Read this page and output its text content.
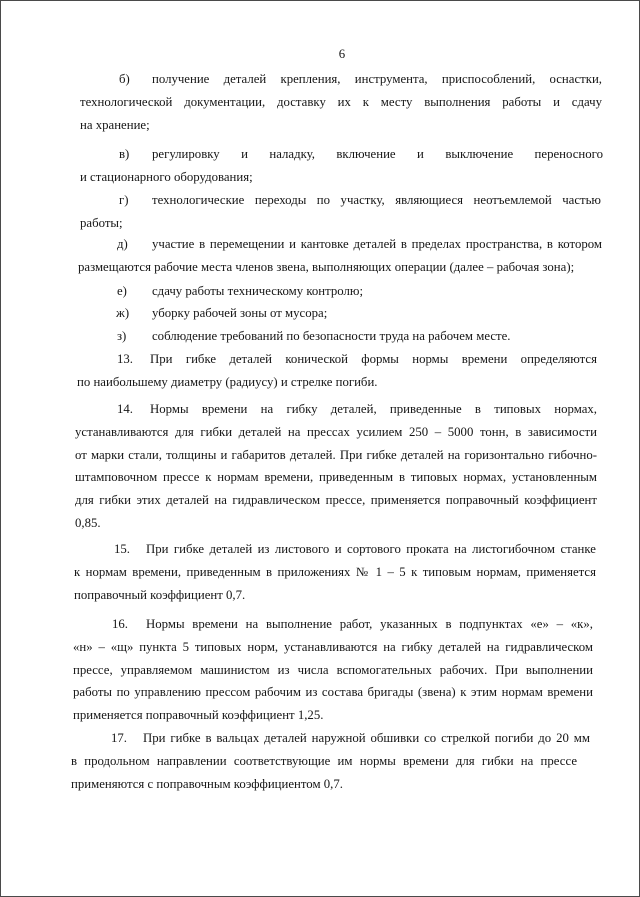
6
б)	получение деталей крепления, инструмента, приспособлений, оснастки,
технологической документации, доставку их к месту выполнения работы и сдачу
на хранение;
в)	регулировку и наладку, включение и выключение переносного
и стационарного оборудования;
г)	технологические переходы по участку, являющиеся неотъемлемой частью
работы;
д)	участие в перемещении и кантовке деталей в пределах пространства, в котором
размещаются рабочие места членов звена, выполняющих операции (далее – рабочая зона);
е)	сдачу работы техническому контролю;
ж)	уборку рабочей зоны от мусора;
з)	соблюдение требований по безопасности труда на рабочем месте.
13.	При гибке деталей конической формы нормы времени определяются
по наибольшему диаметру (радиусу) и стрелке погиби.
14.	Нормы времени на гибку деталей, приведенные в типовых нормах,
устанавливаются для гибки деталей на прессах усилием 250 – 5000 тонн, в зависимости
от марки стали, толщины и габаритов деталей. При гибке деталей на горизонтально гибочно-
штамповочном прессе к нормам времени, приведенным в типовых нормах, установленным
для гибки этих деталей на гидравлическом прессе, применяется поправочный коэффициент
0,85.
15.	При гибке деталей из листового и сортового проката на листогибочном станке
к нормам времени, приведенным в приложениях № 1 – 5 к типовым нормам, применяется
поправочный коэффициент 0,7.
16.	Нормы времени на выполнение работ, указанных в подпунктах «е» – «к»,
«н» – «щ» пункта 5 типовых норм, устанавливаются на гибку деталей на гидравлическом
прессе, управляемом машинистом из числа вспомогательных рабочих. При выполнении
работы по управлению прессом рабочим из состава бригады (звена) к этим нормам времени
применяется поправочный коэффициент 1,25.
17.	При гибке в вальцах деталей наружной обшивки со стрелкой погиби до 20 мм
в продольном направлении соответствующие им нормы времени для гибки на прессе
применяются с поправочным коэффициентом 0,7.
